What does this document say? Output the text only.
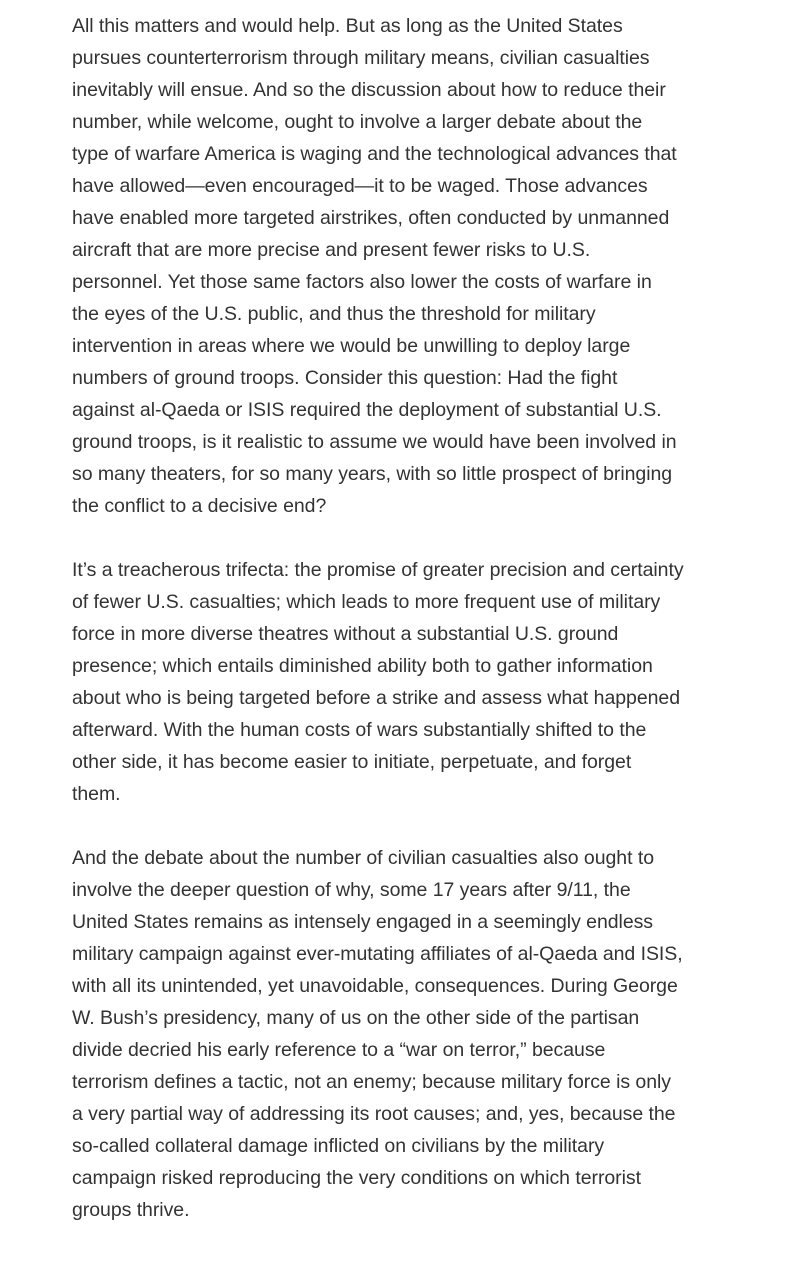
All this matters and would help. But as long as the United States pursues counterterrorism through military means, civilian casualties inevitably will ensue. And so the discussion about how to reduce their number, while welcome, ought to involve a larger debate about the type of warfare America is waging and the technological advances that have allowed—even encouraged—it to be waged. Those advances have enabled more targeted airstrikes, often conducted by unmanned aircraft that are more precise and present fewer risks to U.S. personnel. Yet those same factors also lower the costs of warfare in the eyes of the U.S. public, and thus the threshold for military intervention in areas where we would be unwilling to deploy large numbers of ground troops. Consider this question: Had the fight against al-Qaeda or ISIS required the deployment of substantial U.S. ground troops, is it realistic to assume we would have been involved in so many theaters, for so many years, with so little prospect of bringing the conflict to a decisive end?

It’s a treacherous trifecta: the promise of greater precision and certainty of fewer U.S. casualties; which leads to more frequent use of military force in more diverse theatres without a substantial U.S. ground presence; which entails diminished ability both to gather information about who is being targeted before a strike and assess what happened afterward. With the human costs of wars substantially shifted to the other side, it has become easier to initiate, perpetuate, and forget them.

And the debate about the number of civilian casualties also ought to involve the deeper question of why, some 17 years after 9/11, the United States remains as intensely engaged in a seemingly endless military campaign against ever-mutating affiliates of al-Qaeda and ISIS, with all its unintended, yet unavoidable, consequences. During George W. Bush’s presidency, many of us on the other side of the partisan divide decried his early reference to a “war on terror,” because terrorism defines a tactic, not an enemy; because military force is only a very partial way of addressing its root causes; and, yes, because the so-called collateral damage inflicted on civilians by the military campaign risked reproducing the very conditions on which terrorist groups thrive.
